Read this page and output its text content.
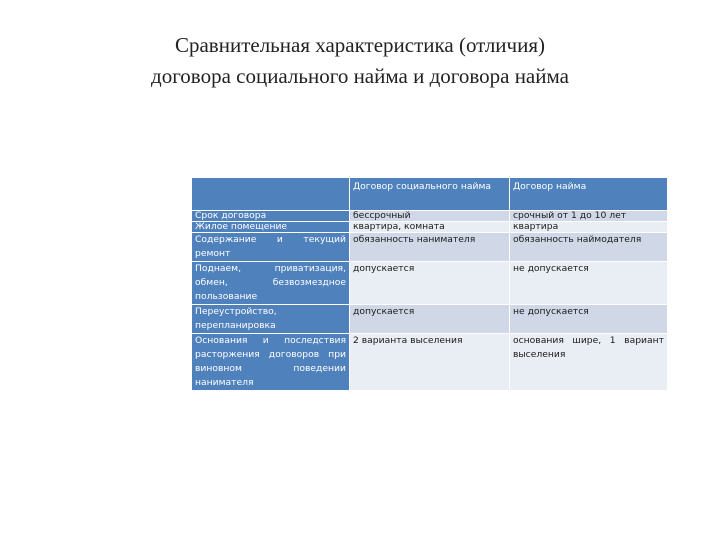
Сравнительная характеристика (отличия)
договора социального найма и договора найма
	Договор социального найма	Договор найма
Срок договора	бессрочный	срочный от 1 до 10 лет
Жилое помещение	квартира, комната	квартира
Содержание и текущий ремонт	обязанность нанимателя	обязанность наймодателя
Поднаем, приватизация, обмен, безвозмездное пользование	допускается	не допускается
Переустройство, перепланировка	допускается	не допускается
Основания и последствия расторжения договоров при виновном поведении нанимателя	2 варианта выселения	основания шире, 1 вариант выселения
